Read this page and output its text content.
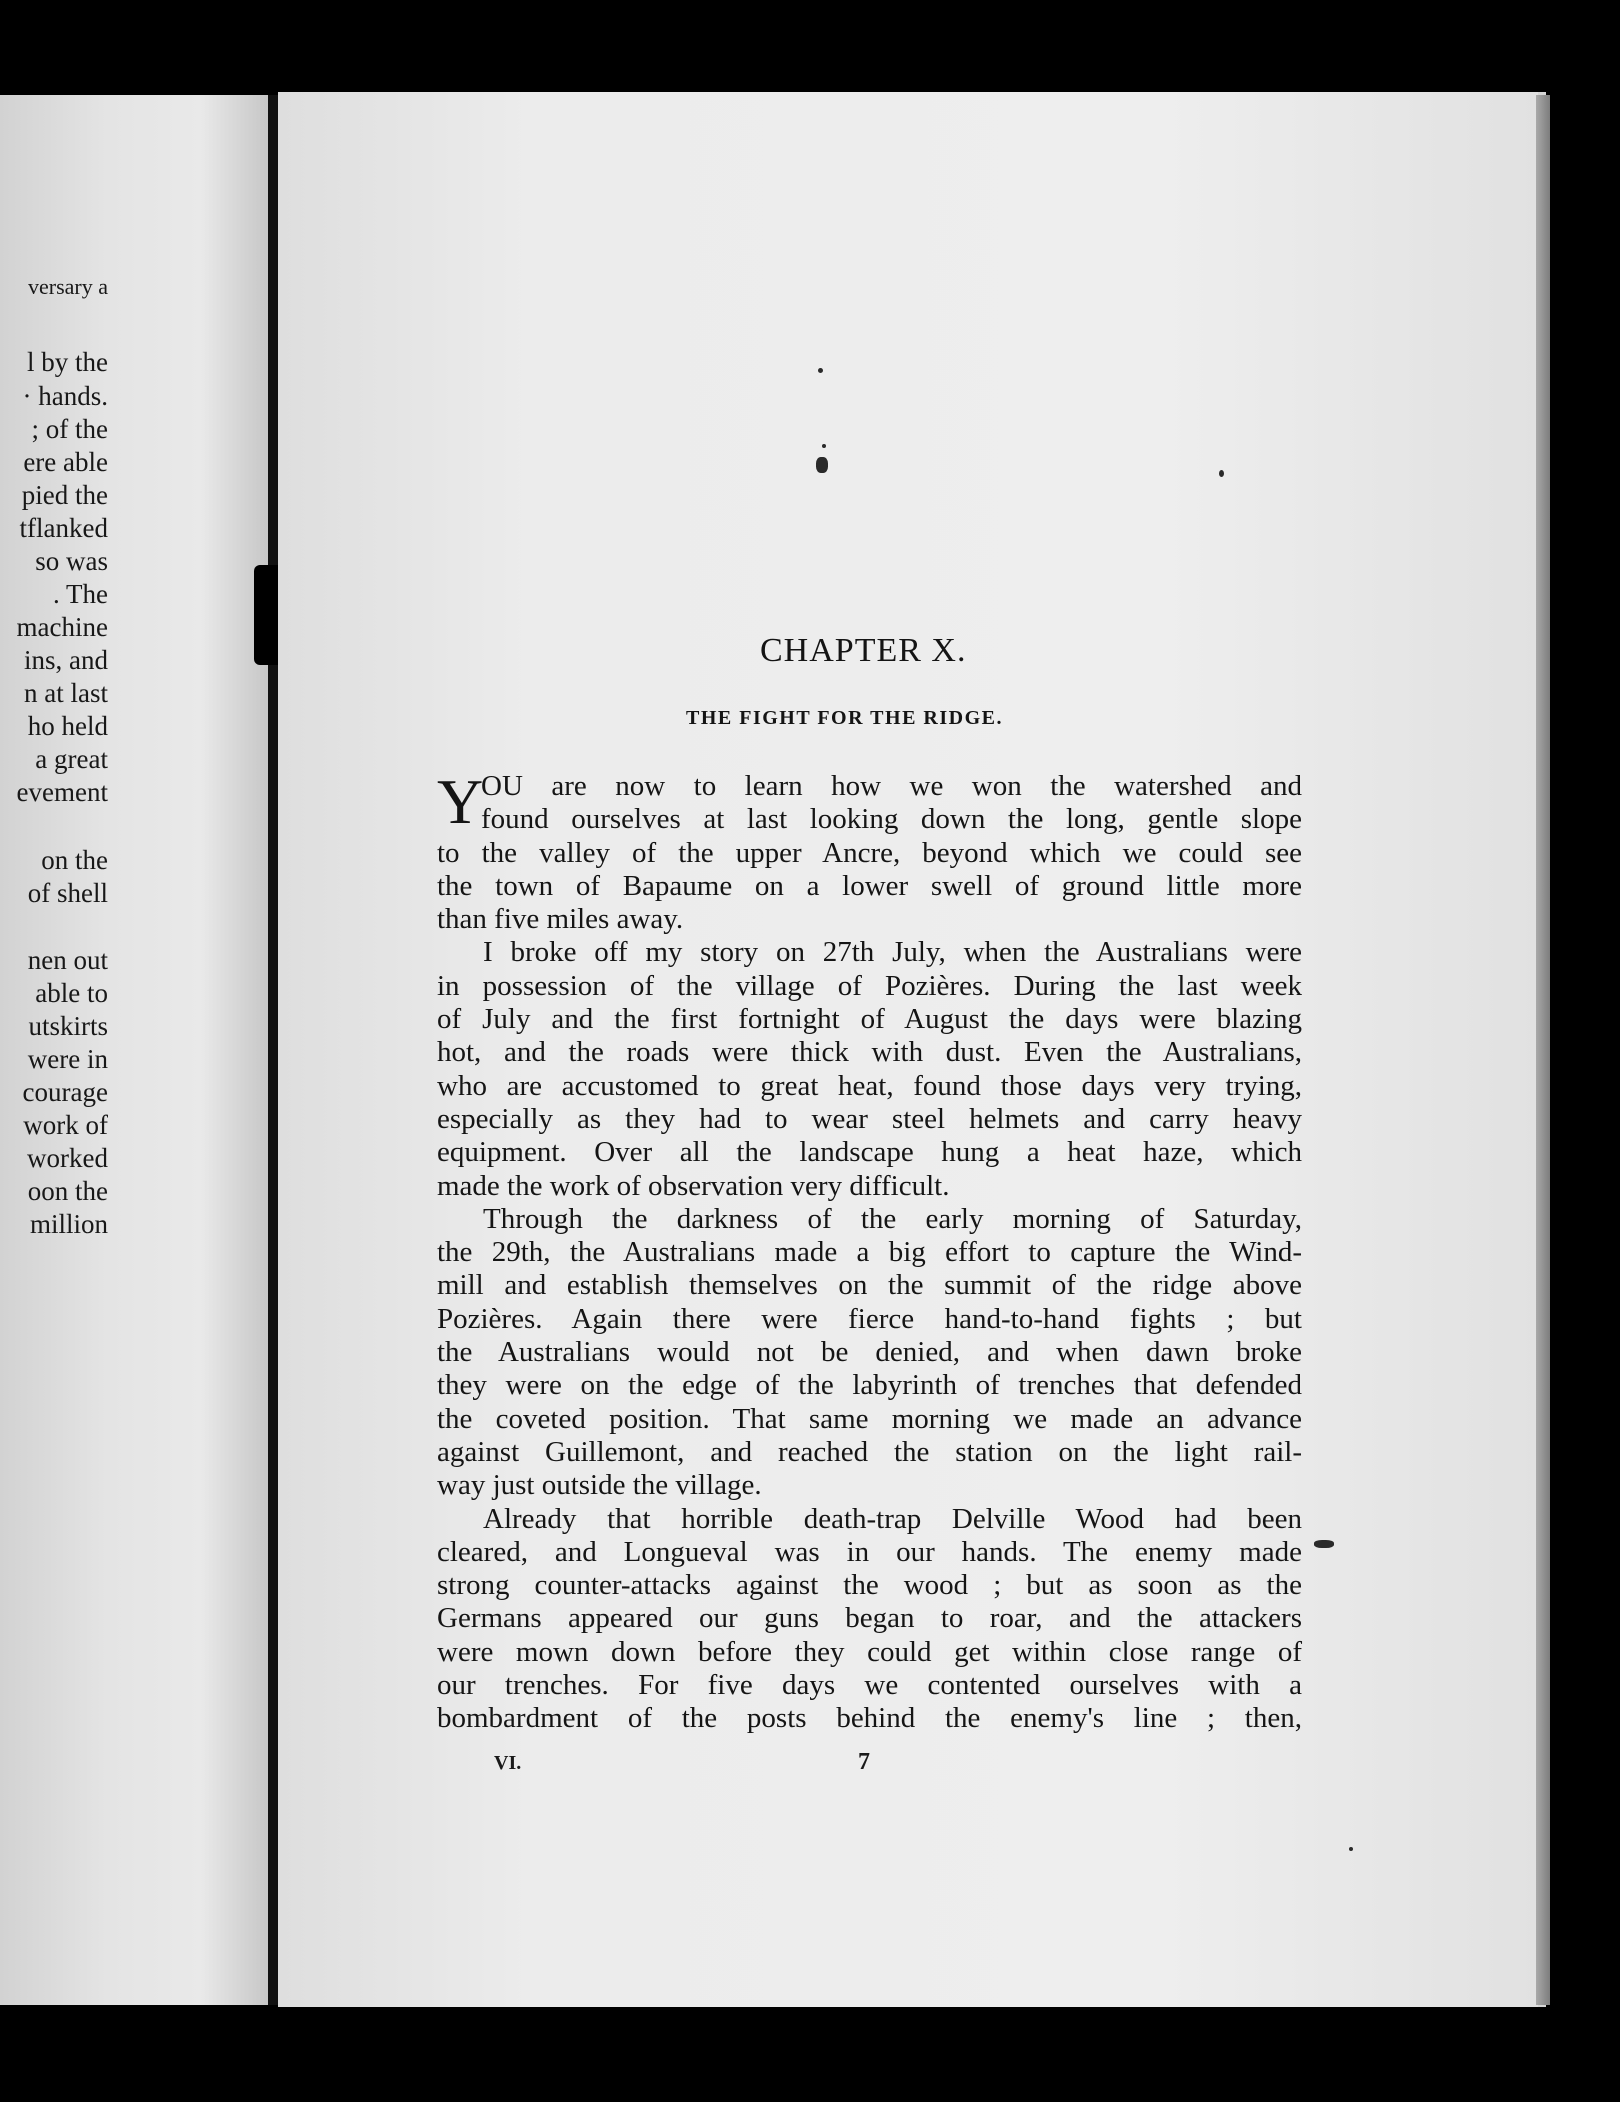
versary a
l by the
· hands.
; of the
ere able
pied the
tflanked
so was
. The
machine
ins, and
n at last
ho held
a great
evement
on the
of shell
nen out
able to
utskirts
were in
courage
work of
worked
oon the
million
CHAPTER X.
THE FIGHT FOR THE RIDGE.
Y
OU are now to learn how we won the watershed and
found ourselves at last looking down the long, gentle slope
to the valley of the upper Ancre, beyond which we could see
the town of Bapaume on a lower swell of ground little more
than five miles away.
I broke off my story on 27th July, when the Australians were
in possession of the village of Pozières. During the last week
of July and the first fortnight of August the days were blazing
hot, and the roads were thick with dust. Even the Australians,
who are accustomed to great heat, found those days very trying,
especially as they had to wear steel helmets and carry heavy
equipment. Over all the landscape hung a heat haze, which
made the work of observation very difficult.
Through the darkness of the early morning of Saturday,
the 29th, the Australians made a big effort to capture the Wind-
mill and establish themselves on the summit of the ridge above
Pozières. Again there were fierce hand-to-hand fights ; but
the Australians would not be denied, and when dawn broke
they were on the edge of the labyrinth of trenches that defended
the coveted position. That same morning we made an advance
against Guillemont, and reached the station on the light rail-
way just outside the village.
Already that horrible death-trap Delville Wood had been
cleared, and Longueval was in our hands. The enemy made
strong counter-attacks against the wood ; but as soon as the
Germans appeared our guns began to roar, and the attackers
were mown down before they could get within close range of
our trenches. For five days we contented ourselves with a
bombardment of the posts behind the enemy's line ; then,
VI.	7
